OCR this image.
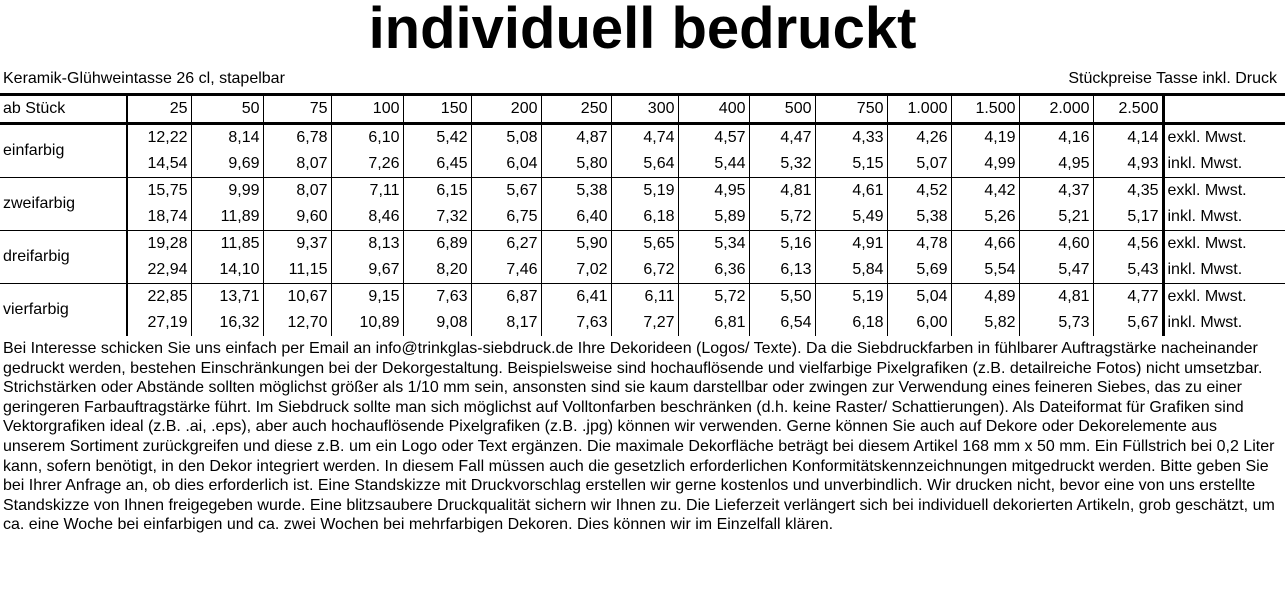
individuell bedruckt
Keramik-Glühweintasse 26 cl, stapelbar	Stückpreise Tasse inkl. Druck
ab Stück	25	50	75	100	150	200	250	300	400	500	750	1.000	1.500	2.000	2.500	
einfarbig	12,22	8,14	6,78	6,10	5,42	5,08	4,87	4,74	4,57	4,47	4,33	4,26	4,19	4,16	4,14	exkl. Mwst.
	14,54	9,69	8,07	7,26	6,45	6,04	5,80	5,64	5,44	5,32	5,15	5,07	4,99	4,95	4,93	inkl. Mwst.
zweifarbig	15,75	9,99	8,07	7,11	6,15	5,67	5,38	5,19	4,95	4,81	4,61	4,52	4,42	4,37	4,35	exkl. Mwst.
	18,74	11,89	9,60	8,46	7,32	6,75	6,40	6,18	5,89	5,72	5,49	5,38	5,26	5,21	5,17	inkl. Mwst.
dreifarbig	19,28	11,85	9,37	8,13	6,89	6,27	5,90	5,65	5,34	5,16	4,91	4,78	4,66	4,60	4,56	exkl. Mwst.
	22,94	14,10	11,15	9,67	8,20	7,46	7,02	6,72	6,36	6,13	5,84	5,69	5,54	5,47	5,43	inkl. Mwst.
vierfarbig	22,85	13,71	10,67	9,15	7,63	6,87	6,41	6,11	5,72	5,50	5,19	5,04	4,89	4,81	4,77	exkl. Mwst.
	27,19	16,32	12,70	10,89	9,08	8,17	7,63	7,27	6,81	6,54	6,18	6,00	5,82	5,73	5,67	inkl. Mwst.
Bei Interesse schicken Sie uns einfach per Email an info@trinkglas-siebdruck.de Ihre Dekorideen (Logos/ Texte). Da die Siebdruckfarben in fühlbarer Auftragstärke nacheinander gedruckt werden, bestehen Einschränkungen bei der Dekorgestaltung. Beispielsweise sind hochauflösende und vielfarbige Pixelgrafiken (z.B. detailreiche Fotos) nicht umsetzbar. Strichstärken oder Abstände sollten möglichst größer als 1/10 mm sein, ansonsten sind sie kaum darstellbar oder zwingen zur Verwendung eines feineren Siebes, das zu einer geringeren Farbauftragstärke führt. Im Siebdruck sollte man sich möglichst auf Volltonfarben beschränken (d.h. keine Raster/ Schattierungen). Als Dateiformat für Grafiken sind Vektorgrafiken ideal (z.B. .ai, .eps), aber auch hochauflösende Pixelgrafiken (z.B. .jpg) können wir verwenden. Gerne können Sie auch auf Dekore oder Dekorelemente aus unserem Sortiment zurückgreifen und diese z.B. um ein Logo oder Text ergänzen. Die maximale Dekorfläche beträgt bei diesem Artikel 168 mm x 50 mm. Ein Füllstrich bei 0,2 Liter kann, sofern benötigt, in den Dekor integriert werden. In diesem Fall müssen auch die gesetzlich erforderlichen Konformitätskennzeichnungen mitgedruckt werden. Bitte geben Sie bei Ihrer Anfrage an, ob dies erforderlich ist. Eine Standskizze mit Druckvorschlag erstellen wir gerne kostenlos und unverbindlich. Wir drucken nicht, bevor eine von uns erstellte Standskizze von Ihnen freigegeben wurde. Eine blitzsaubere Druckqualität sichern wir Ihnen zu. Die Lieferzeit verlängert sich bei individuell dekorierten Artikeln, grob geschätzt, um ca. eine Woche bei einfarbigen und ca. zwei Wochen bei mehrfarbigen Dekoren. Dies können wir im Einzelfall klären.
